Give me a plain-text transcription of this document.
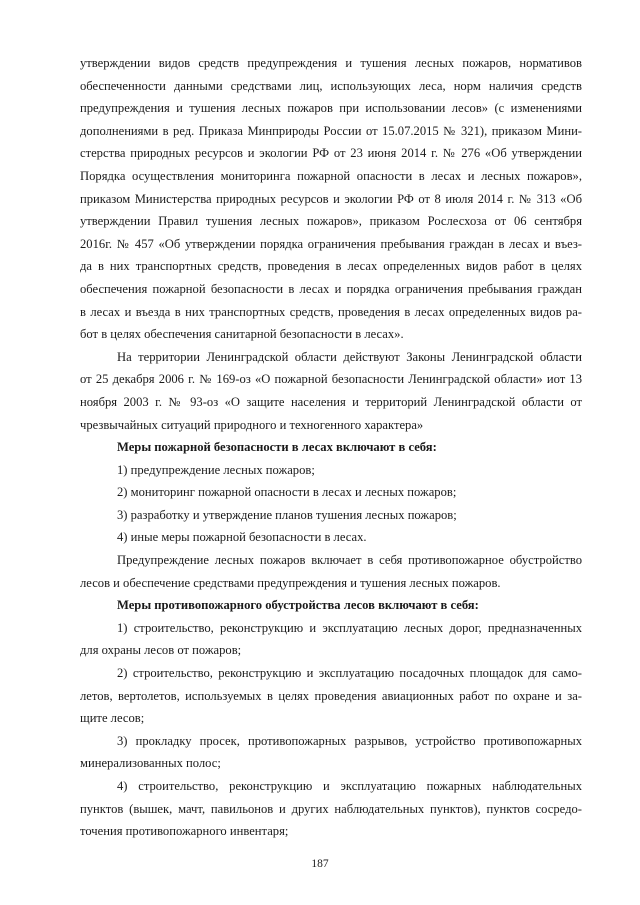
утверждении видов средств предупреждения и тушения лесных пожаров, нормативов
обеспеченности данными средствами лиц, использующих леса, норм наличия средств
предупреждения и тушения лесных пожаров при использовании лесов» (с изменениями
дополнениями в ред. Приказа Минприроды России от 15.07.2015 № 321), приказом Мини-
стерства природных ресурсов и экологии РФ от 23 июня 2014 г. № 276 «Об утверждении
Порядка осуществления мониторинга пожарной опасности в лесах и лесных пожаров»,
приказом Министерства природных ресурсов и экологии РФ от 8 июля 2014 г. № 313 «Об
утверждении Правил тушения лесных пожаров», приказом Рослесхоза от 06 сентября
2016г. № 457 «Об утверждении порядка ограничения пребывания граждан в лесах и въез-
да в них транспортных средств, проведения в лесах определенных видов работ в целях
обеспечения пожарной безопасности в лесах и порядка ограничения пребывания граждан
в лесах и въезда в них транспортных средств, проведения в лесах определенных видов ра-
бот в целях обеспечения санитарной безопасности в лесах».
На территории Ленинградской области действуют Законы Ленинградской области
от 25 декабря 2006 г. № 169-оз «О пожарной безопасности Ленинградской области» иот 13
ноября 2003 г. № 93-оз «О защите населения и территорий Ленинградской области от
чрезвычайных ситуаций природного и техногенного характера»
Меры пожарной безопасности в лесах включают в себя:
1) предупреждение лесных пожаров;
2) мониторинг пожарной опасности в лесах и лесных пожаров;
3) разработку и утверждение планов тушения лесных пожаров;
4) иные меры пожарной безопасности в лесах.
Предупреждение лесных пожаров включает в себя противопожарное обустройство
лесов и обеспечение средствами предупреждения и тушения лесных пожаров.
Меры противопожарного обустройства лесов включают в себя:
1) строительство, реконструкцию и эксплуатацию лесных дорог, предназначенных
для охраны лесов от пожаров;
2) строительство, реконструкцию и эксплуатацию посадочных площадок для само-
летов, вертолетов, используемых в целях проведения авиационных работ по охране и за-
щите лесов;
3) прокладку просек, противопожарных разрывов, устройство противопожарных
минерализованных полос;
4) строительство, реконструкцию и эксплуатацию пожарных наблюдательных
пунктов (вышек, мачт, павильонов и других наблюдательных пунктов), пунктов сосредо-
точения противопожарного инвентаря;
187
